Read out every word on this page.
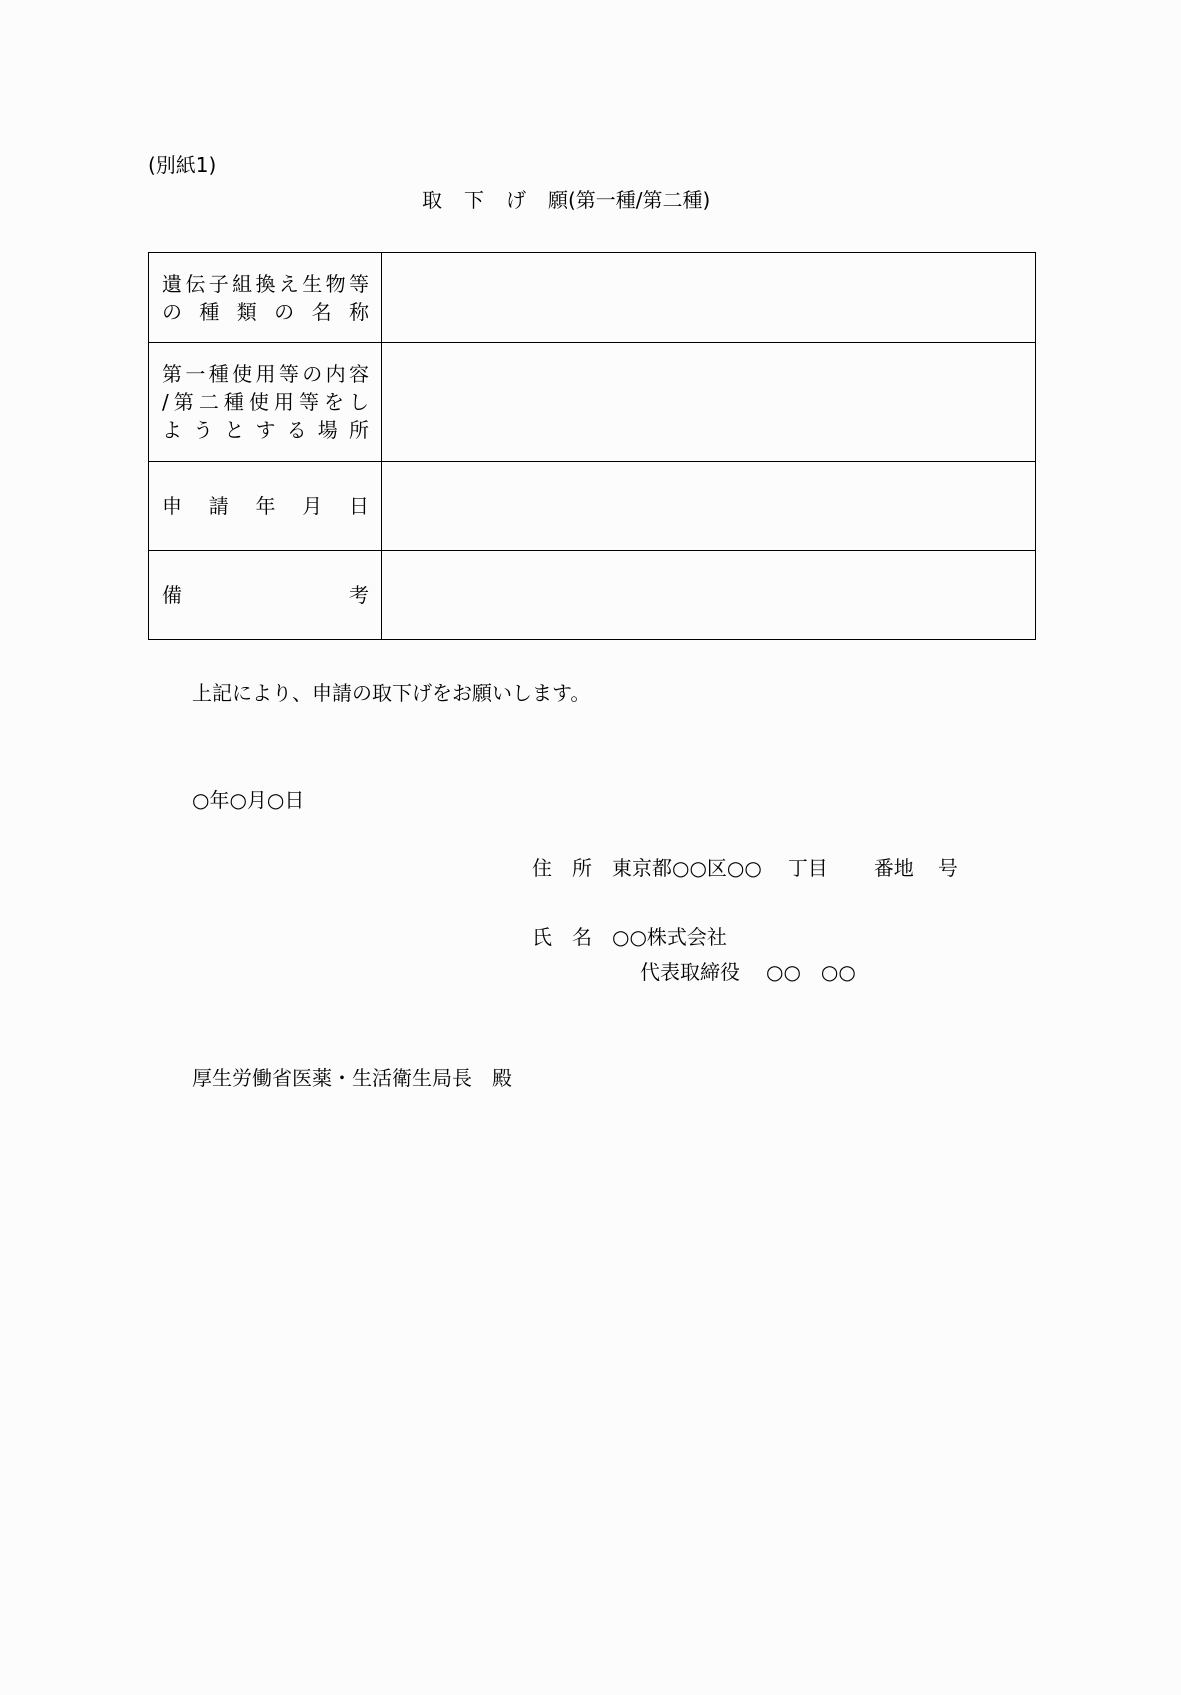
(別紙1)
取 下 げ 願(第一種/第二種)
遺 伝 子 組 換 え 生 物 等
の 種 類 の 名 称

第 一 種 使 用 等 の 内 容
/ 第 二 種 使 用 等 を し
よ う と す る 場 所

申 請 年 月 日	

備 考	

上記により、申請の取下げをお願いします。
○年○月○日
住　所 東京都○○区○○ 丁目 番地 号
氏　名 ○○株式会社
代表取締役 ○○　○○
厚生労働省医薬・生活衛生局長　殿
